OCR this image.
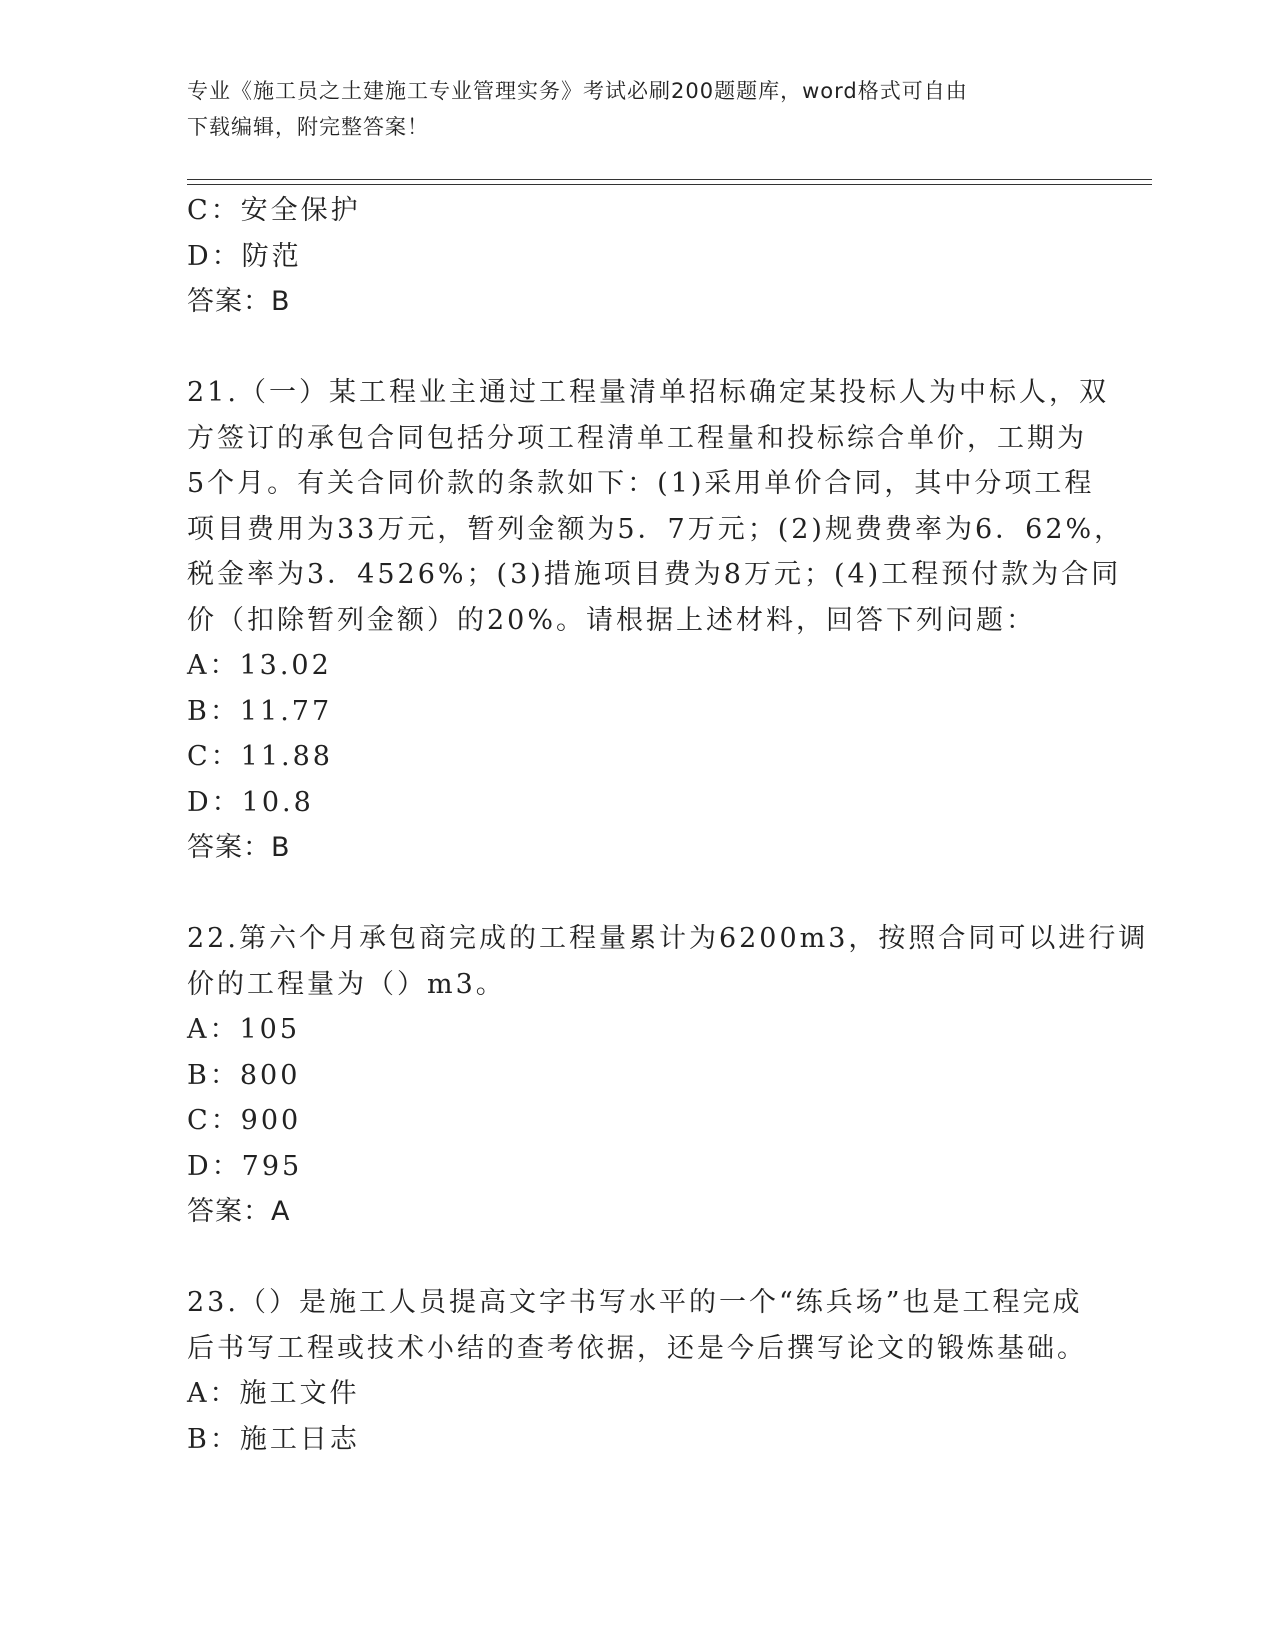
专业《施工员之土建施工专业管理实务》考试必刷200题题库，word格式可自由
下载编辑，附完整答案！
C：安全保护
D：防范
答案：B
21.（一）某工程业主通过工程量清单招标确定某投标人为中标人，双
方签订的承包合同包括分项工程清单工程量和投标综合单价，工期为
5个月。有关合同价款的条款如下：(1)采用单价合同，其中分项工程
项目费用为33万元，暂列金额为5．7万元；(2)规费费率为6．62%，
税金率为3．4526%；(3)措施项目费为8万元；(4)工程预付款为合同
价（扣除暂列金额）的20%。请根据上述材料，回答下列问题：
A：13.02
B：11.77
C：11.88
D：10.8
答案：B
22.第六个月承包商完成的工程量累计为6200m3，按照合同可以进行调
价的工程量为（）m3。
A：105
B：800
C：900
D：795
答案：A
23.（）是施工人员提高文字书写水平的一个“练兵场”也是工程完成
后书写工程或技术小结的查考依据，还是今后撰写论文的锻炼基础。
A：施工文件
B：施工日志
